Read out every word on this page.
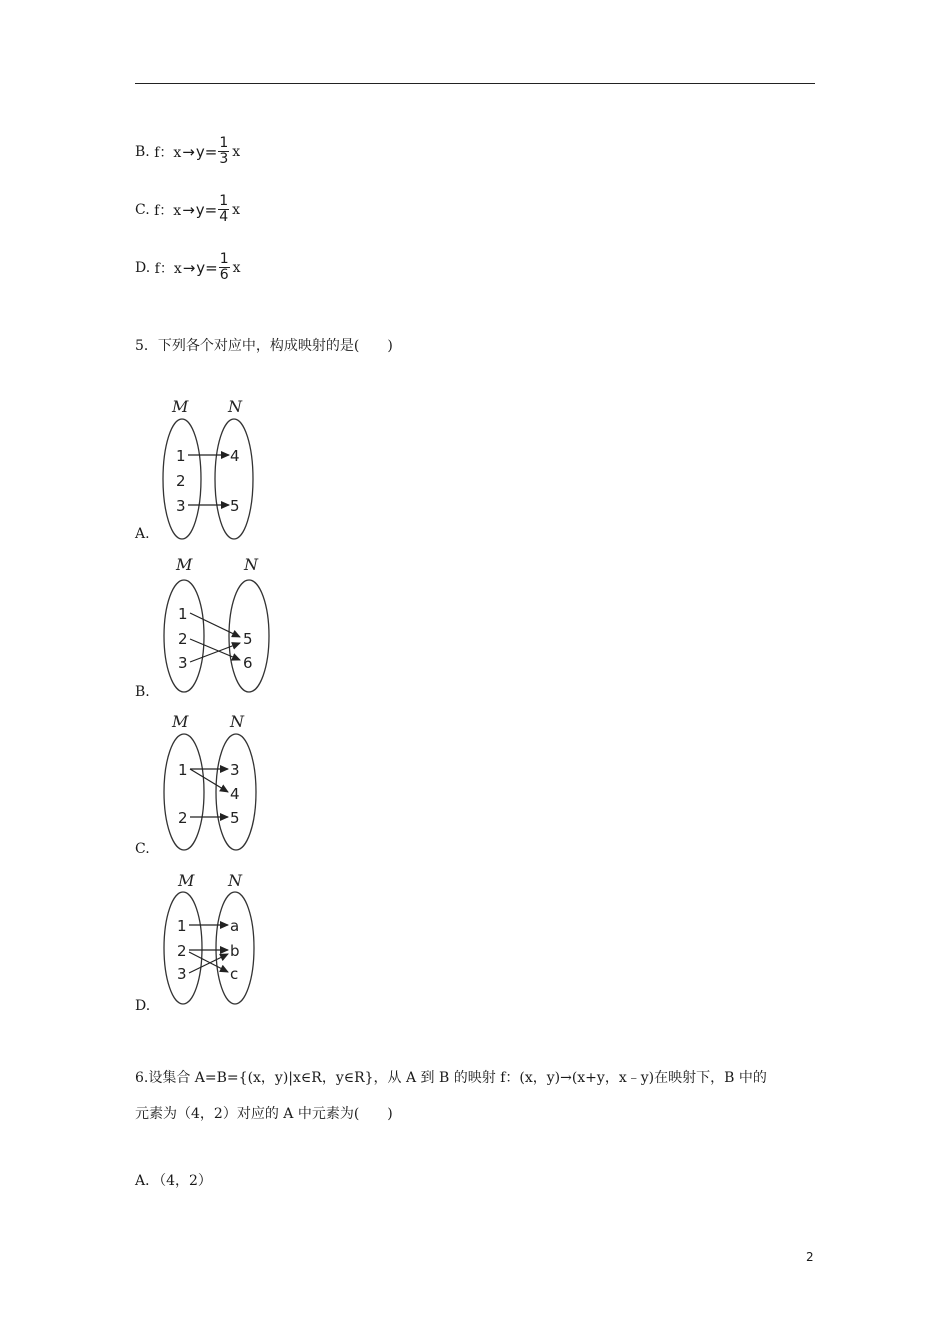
B.
f：$x \to y= \frac{1}{3}$ x
C.
f：$x \to y= \frac{1}{4}$ x
D.
f：$x \to y= \frac{1}{6}$ x
5．下列各个对应中，构成映射的是(　　)
M N
1
2
3
4
5
A.
M	N
1
2
3
5
6
B.
M	N
1
2
3
4
5
C.
M N
1
2
3
a
b
c
D.
6.设集合 A=B={(x，y)|x∈R，y∈R}，从 A 到 B 的映射 f：(x，y)→(x+y，x﹣y)在映射下，B 中的
元素为（4，2）对应的 A 中元素为(　　)
A．（4，2）
2
